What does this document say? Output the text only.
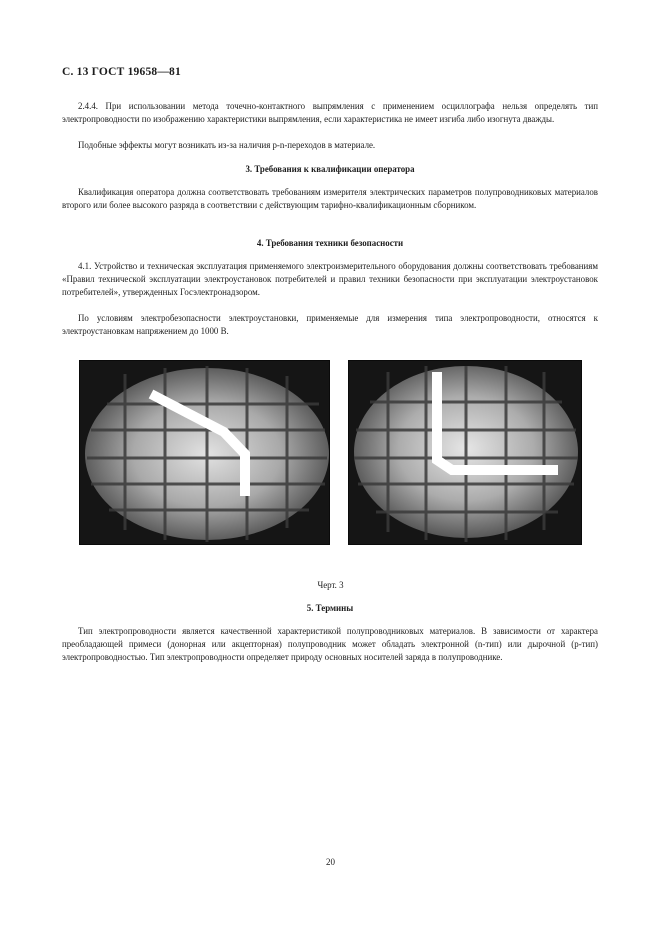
С. 13 ГОСТ 19658—81

2.4.4. При использовании метода точечно-контактного выпрямления с применением осциллографа нельзя определять тип электропроводности по изображению характеристики выпрямления, если характеристика не имеет изгиба либо изогнута дважды.

Подобные эффекты могут возникать из-за наличия p-n-переходов в материале.

3. Требования к квалификации оператора

Квалификация оператора должна соответствовать требованиям измерителя электрических параметров полупроводниковых материалов второго или более высокого разряда в соответствии с действующим тарифно-квалификационным сборником.

4. Требования техники безопасности

4.1. Устройство и техническая эксплуатация применяемого электроизмерительного оборудования должны соответствовать требованиям «Правил технической эксплуатации электроустановок потребителей и правил техники безопасности при эксплуатации электроустановок потребителей», утвержденных Госэлектронадзором.

По условиям электробезопасности электроустановки, применяемые для измерения типа электропроводности, относятся к электроустановкам напряжением до 1000 В.

Черт. 3
5. Термины

Тип электропроводности является качественной характеристикой полупроводниковых материалов. В зависимости от характера преобладающей примеси (донорная или акцепторная) полупроводник может обладать электронной (n-тип) или дырочной (p-тип) электропроводностью. Тип электропроводности определяет природу основных носителей заряда в полупроводнике.

20
